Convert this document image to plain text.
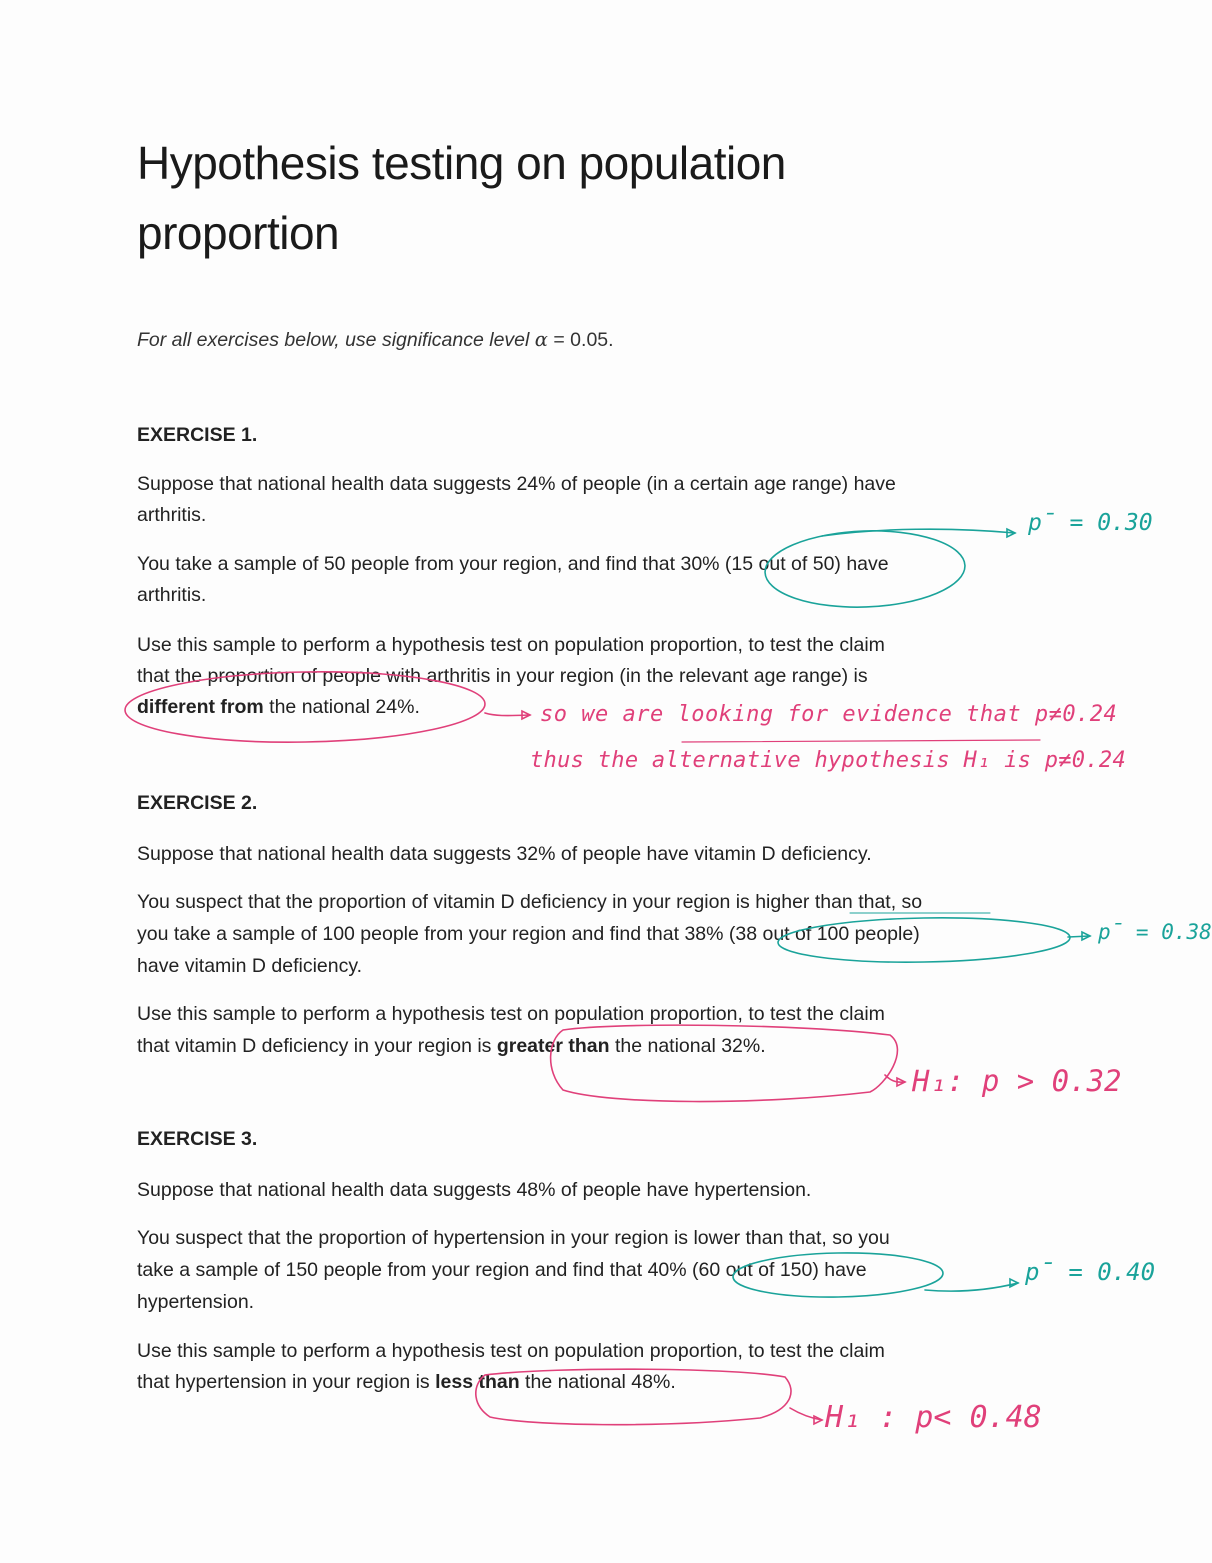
Hypothesis testing on population
proportion
For all exercises below, use significance level α = 0.05.
EXERCISE 1.
Suppose that national health data suggests 24% of people (in a certain age range) have
arthritis.
You take a sample of 50 people from your region, and find that 30% (15 out of 50) have
arthritis.
Use this sample to perform a hypothesis test on population proportion, to test the claim
that the proportion of people with arthritis in your region (in the relevant age range) is
different from the national 24%.
EXERCISE 2.
Suppose that national health data suggests 32% of people have vitamin D deficiency.
You suspect that the proportion of vitamin D deficiency in your region is higher than that, so
you take a sample of 100 people from your region and find that 38% (38 out of 100 people)
have vitamin D deficiency.
Use this sample to perform a hypothesis test on population proportion, to test the claim
that vitamin D deficiency in your region is greater than the national 32%.
EXERCISE 3.
Suppose that national health data suggests 48% of people have hypertension.
You suspect that the proportion of hypertension in your region is lower than that, so you
take a sample of 150 people from your region and find that 40% (60 out of 150) have
hypertension.
Use this sample to perform a hypothesis test on population proportion, to test the claim
that hypertension in your region is less than the national 48%.
p̄ = 0.30
so we are looking for evidence that p≠0.24
thus the alternative hypothesis H₁ is p≠0.24
p̄ = 0.38
H₁: p > 0.32
p̄ = 0.40
H₁ : p< 0.48
